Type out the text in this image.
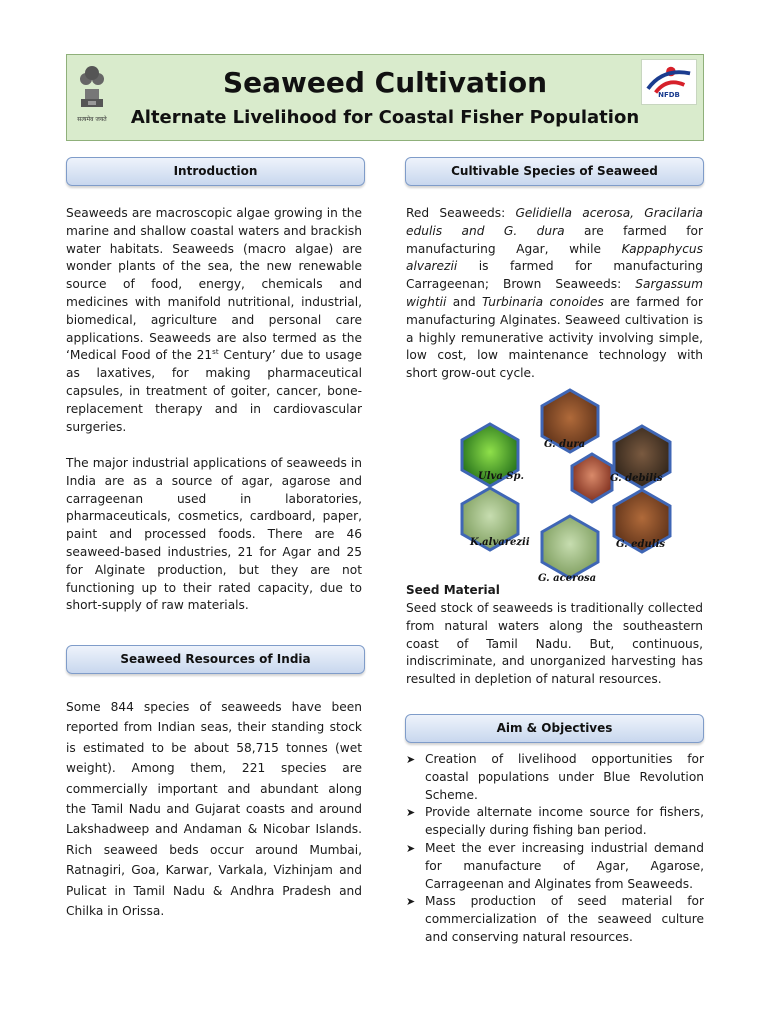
सत्यमेव जयते
Seaweed Cultivation
Alternate Livelihood for Coastal Fisher Population
NFDB
Introduction
Seaweeds are macroscopic algae growing in the marine and shallow coastal waters and brackish water habitats. Seaweeds (macro algae) are wonder plants of the sea, the new renewable source of food, energy, chemicals and medicines with manifold nutritional, industrial, biomedical, agriculture and personal care applications. Seaweeds are also termed as the ‘Medical Food of the 21st Century’ due to usage as laxatives, for making pharmaceutical capsules, in treatment of goiter, cancer, bone-replacement therapy and in cardiovascular surgeries.
The major industrial applications of seaweeds in India are as a source of agar, agarose and carrageenan used in laboratories, pharmaceuticals, cosmetics, cardboard, paper, paint and processed foods. There are 46 seaweed-based industries, 21 for Agar and 25 for Alginate production, but they are not functioning up to their rated capacity, due to short-supply of raw materials.
Seaweed Resources of India
Some 844 species of seaweeds have been reported from Indian seas, their standing stock is estimated to be about 58,715 tonnes (wet weight). Among them, 221 species are commercially important and abundant along the Tamil Nadu and Gujarat coasts and around Lakshadweep and Andaman & Nicobar Islands. Rich seaweed beds occur around Mumbai, Ratnagiri, Goa, Karwar, Varkala, Vizhinjam and Pulicat in Tamil Nadu & Andhra Pradesh and Chilka in Orissa.
Cultivable Species of Seaweed
Red Seaweeds: Gelidiella acerosa, Gracilaria edulis and G. dura are farmed for manufacturing Agar, while Kappaphycus alvarezii is farmed for manufacturing Carrageenan; Brown Seaweeds: Sargassum wightii and Turbinaria conoides are farmed for manufacturing Alginates. Seaweed cultivation is a highly remunerative activity involving simple, low cost, low maintenance technology with short grow-out cycle.
G. dura
Ulva Sp.	G. debilis
K.alvarezii	G. edulis
G. acerosa
Seed Material
Seed stock of seaweeds is traditionally collected from natural waters along the southeastern coast of Tamil Nadu. But, continuous, indiscriminate, and unorganized harvesting has resulted in depletion of natural resources.
Aim & Objectives
➤ Creation of livelihood opportunities for coastal populations under Blue Revolution Scheme.
➤ Provide alternate income source for fishers, especially during fishing ban period.
➤ Meet the ever increasing industrial demand for manufacture of Agar, Agarose, Carrageenan and Alginates from Seaweeds.
➤ Mass production of seed material for commercialization of the seaweed culture and conserving natural resources.
